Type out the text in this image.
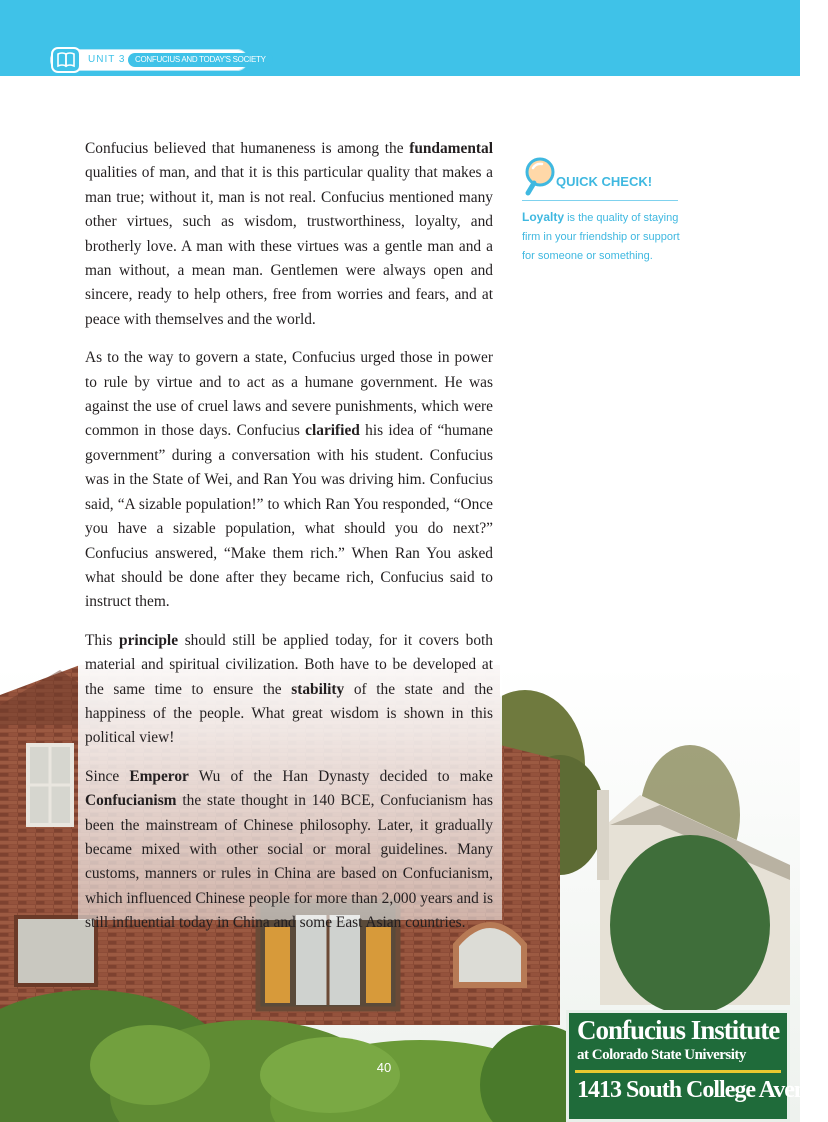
UNIT 3	CONFUCIUS AND TODAY'S SOCIETY

Confucius believed that humaneness is among the fundamental qualities of man, and that it is this particular quality that makes a man true; without it, man is not real. Confucius mentioned many other virtues, such as wisdom, trustworthiness, loyalty, and brotherly love. A man with these virtues was a gentle man and a man without, a mean man. Gentlemen were always open and sincere, ready to help others, free from worries and fears, and at peace with themselves and the world.

As to the way to govern a state, Confucius urged those in power to rule by virtue and to act as a humane government. He was against the use of cruel laws and severe punishments, which were common in those days. Confucius clarified his idea of “humane government” during a conversation with his student. Confucius was in the State of Wei, and Ran You was driving him. Confucius said, “A sizable population!” to which Ran You responded, “Once you have a sizable population, what should you do next?” Confucius answered, “Make them rich.” When Ran You asked what should be done after they became rich, Confucius said to instruct them.

This principle should still be applied today, for it covers both material and spiritual civilization. Both have to be developed at the same time to ensure the stability of the state and the happiness of the people. What great wisdom is shown in this political view!

Since Emperor Wu of the Han Dynasty decided to make Confucianism the state thought in 140 BCE, Confucianism has been the mainstream of Chinese philosophy. Later, it gradually became mixed with other social or moral guidelines. Many customs, manners or rules in China are based on Confucianism, which influenced Chinese people for more than 2,000 years and is still influential today in China and some East Asian countries.

QUICK CHECK!
Loyalty is the quality of staying firm in your friendship or support for someone or something.
Confucius Institute
at Colorado State University
1413 South College Avenue
40
